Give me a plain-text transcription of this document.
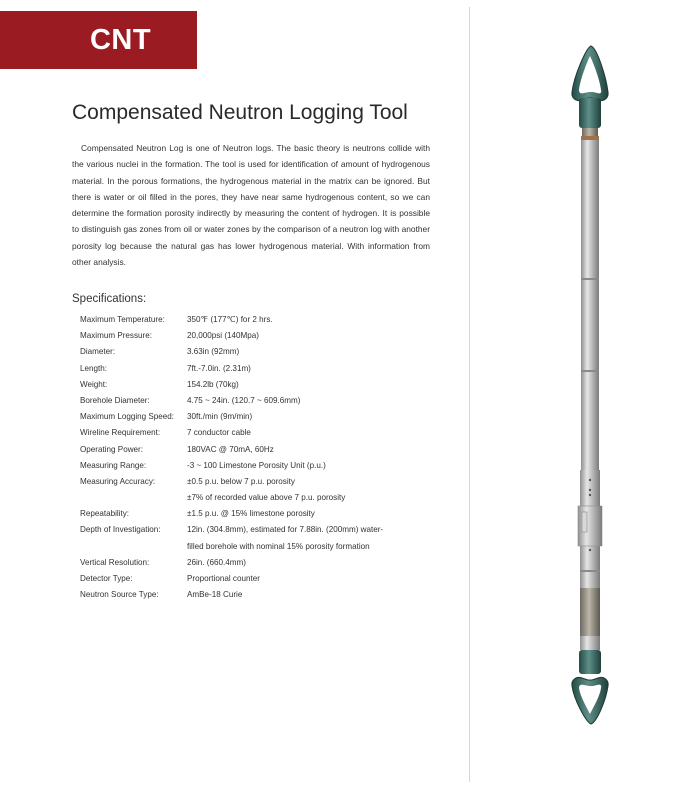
CNT
Compensated Neutron Logging Tool

Compensated Neutron Log is one of Neutron logs. The basic theory is neutrons collide with the various nuclei in the formation. The tool is used for identification of amount of hydrogenous material. In the porous formations, the hydrogenous material in the matrix can be ignored. But there is water or oil filled in the pores, they have near same hydrogenous content, so we can determine the formation porosity indirectly by measuring the content of hydrogen. It is possible to distinguish gas zones from oil or water zones by the comparison of a neutron log with another porosity log because the natural gas has lower hydrogenous material. With information from other analysis.

Specifications:
Maximum Temperature:	350℉ (177℃) for 2 hrs.
Maximum Pressure:	20,000psi (140Mpa)
Diameter:	3.63in (92mm)
Length:	7ft.-7.0in. (2.31m)
Weight:	154.2lb (70kg)
Borehole Diameter:	4.75 ~ 24in. (120.7 ~ 609.6mm)
Maximum Logging Speed:	30ft./min (9m/min)
Wireline Requirement:	7 conductor cable
Operating Power:	180VAC @ 70mA, 60Hz
Measuring Range:	-3 ~ 100 Limestone Porosity Unit (p.u.)
Measuring Accuracy:	±0.5 p.u. below 7 p.u. porosity
±7% of recorded value above 7 p.u. porosity
Repeatability:	±1.5 p.u. @ 15% limestone porosity
Depth of Investigation:	12in. (304.8mm), estimated for 7.88in. (200mm) water-
filled borehole with nominal 15% porosity formation
Vertical Resolution:	26in. (660.4mm)
Detector Type:	Proportional counter
Neutron Source Type:	AmBe-18 Curie
